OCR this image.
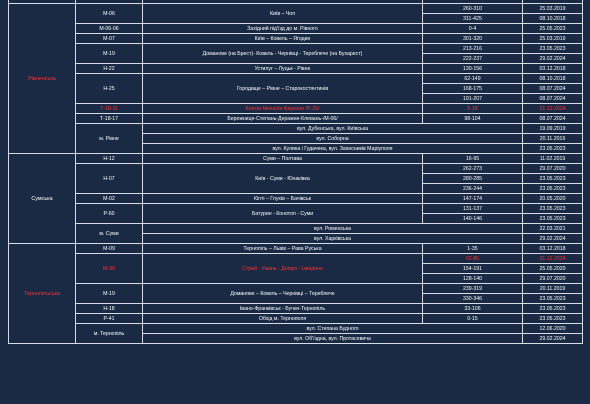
Рівненська	М-06	Київ – Чоп	260-310	25.03.2019
			311-425	08.10.2018
	М-06-06	Західний під'їзд до м. Рівного	0-4	25.05.2023
	М-07	Київ – Ковель – Ягодин	301-320	25.03.2019
	М-19	Доманове (на Брест)- Ковель - Чернівці - Тереблече (на Бухарест)	213-216	23.05.2023
			222-237	29.02.2024
	Н-22	Устилуг – Луцьк - Рівне	130-156	03.12.2018
	Н-25	Городище – Рівне – Старокостянтинів	62-149	08.10.2018
			168-175	08.07.2024
			191-207	08.07.2024
	Т-18-11	Клесів-Михалін-Березне /Р-26/	5-18	31.12.2024
	Т-18-17	Бережниця-Степань-Деражне-Клевань-/М-06/	98-104	08.07.2024
	м. Рівне	вул. Дубенська, вул. Київська		19.09.2019
		вул. Соборна		20.11.2019
		вул. Кулика і Гудачека, вул. Захисників Маріуполя		23.05.2023
Сумська	Н-12	Суми – Полтава	16-95	11.02.2019
	Н-07	Київ - Суми - Юнаківка	262-273	29.07.2020
			280-285	23.05.2023
			236-244	23.05.2023
	М-02	Кіпті – Глухів – Бачівськ	147-174	20.05.2020
	Р-60	Батурин - Конотоп - Суми	131-137	23.05.2023
			140-146	23.05.2023
	м. Суми	вул. Роменська		22.03.2021
		вул. Харківська		29.02.2024
Тернопільська	М-09	Тернопіль – Львів – Рава Руська	1-35	03.12.2018
	М-30	Стрий - Умань - Дніпро - Ізварине	52-86	31.12.2024
			154-191	25.05.2020
			128-140	29.07.2020
	М-19	Доманове – Ковель – Чернівці – Тереблече	239-319	20.11.2019
			330-346	23.05.2023
	Н-18	Івано-Франківськ - Бучач-Тернопіль	33-106	23.05.2023
	Р-41	Обхід м. Тернополя	0-15	23.05.2023
	м. Тернопіль	вул. Степана Будного		12.06.2020
		вул. Об'їздна, вул. Протасевича		29.02.2024
